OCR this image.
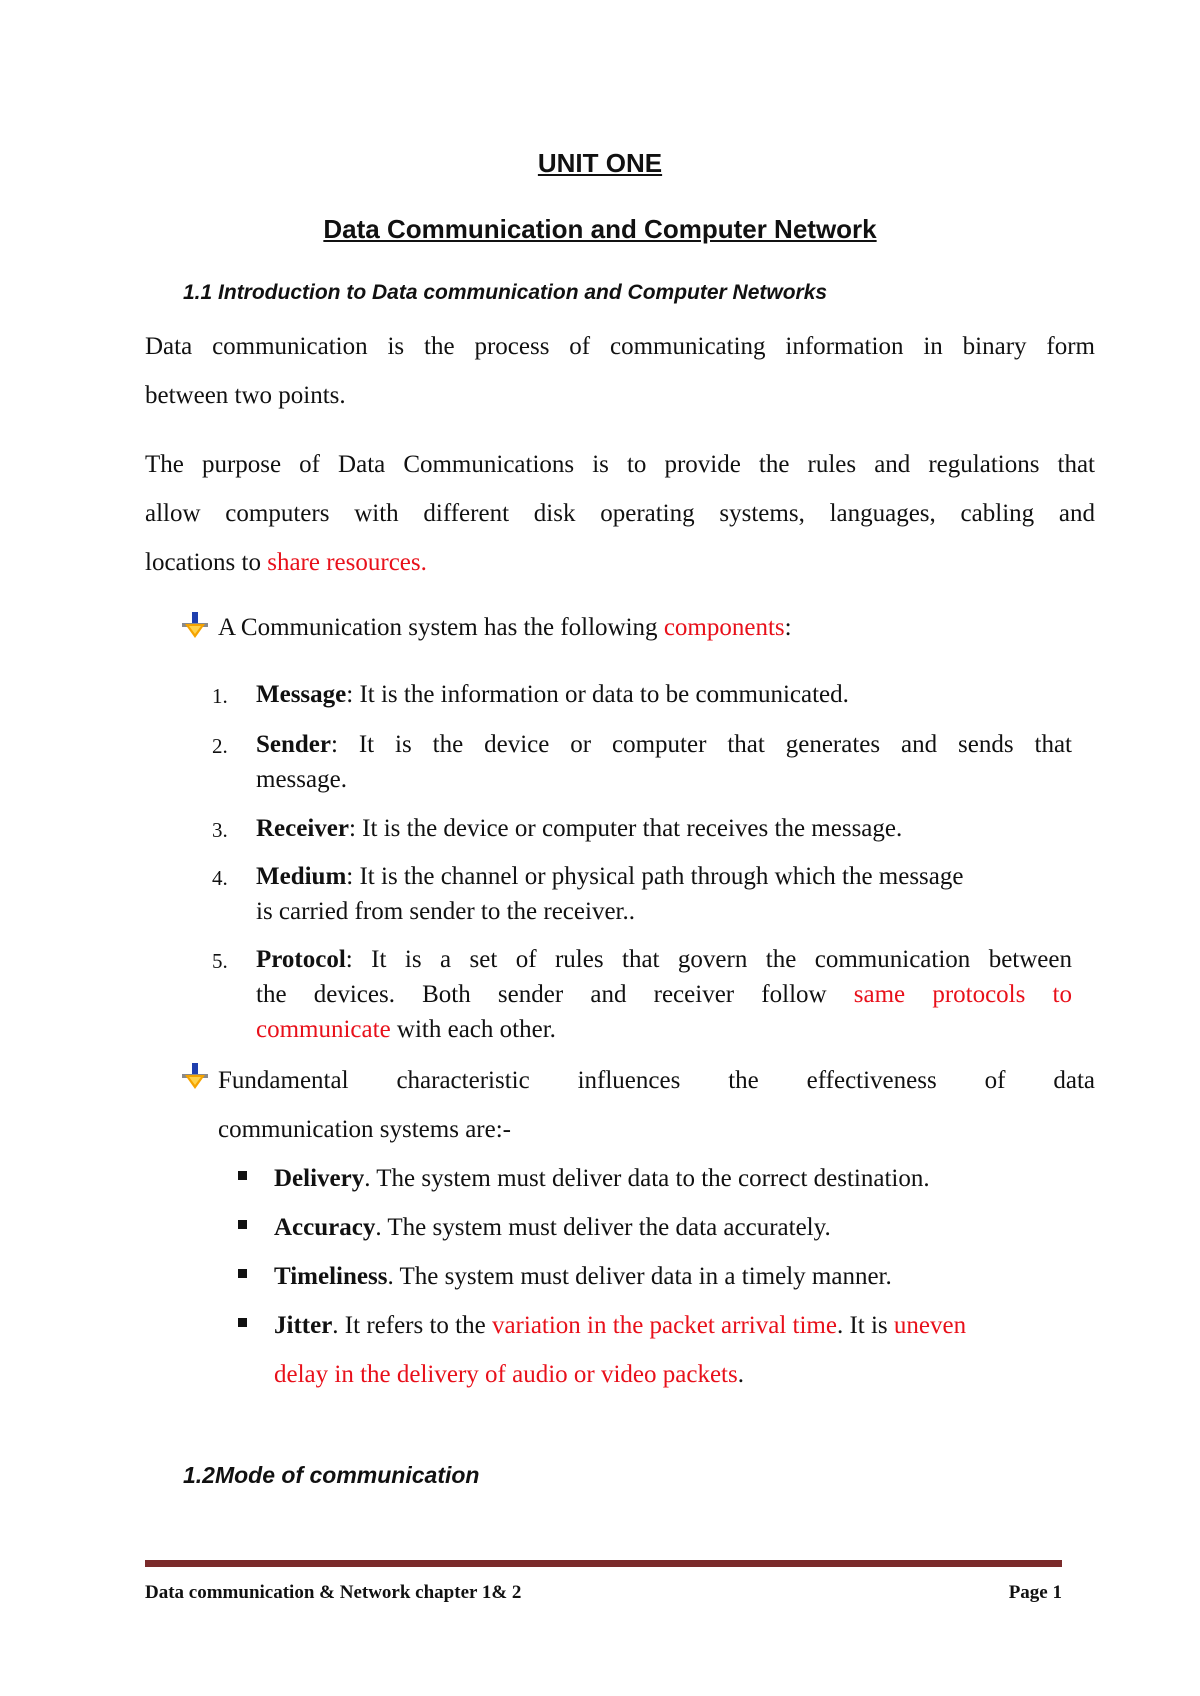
UNIT ONE
Data Communication and Computer Network
1.1 Introduction to Data communication and Computer Networks
Data communication is the process of communicating information in binary form
between two points.
The purpose of Data Communications is to provide the rules and regulations that
allow computers with different disk operating systems, languages, cabling and
locations to share resources.
A Communication system has the following components:
1.	Message: It is the information or data to be communicated.
2.	Sender: It is the device or computer that generates and sends that
message.
3.	Receiver: It is the device or computer that receives the message.
4.	Medium: It is the channel or physical path through which the message
is carried from sender to the receiver..
5.	Protocol: It is a set of rules that govern the communication between
the devices. Both sender and receiver follow same protocols to
communicate with each other.
Fundamental characteristic influences the effectiveness of data
communication systems are:-
Delivery. The system must deliver data to the correct destination.
Accuracy. The system must deliver the data accurately.
Timeliness. The system must deliver data in a timely manner.
Jitter. It refers to the variation in the packet arrival time. It is uneven
delay in the delivery of audio or video packets.
1.2Mode of communication
Data communication & Network chapter 1& 2	Page 1
